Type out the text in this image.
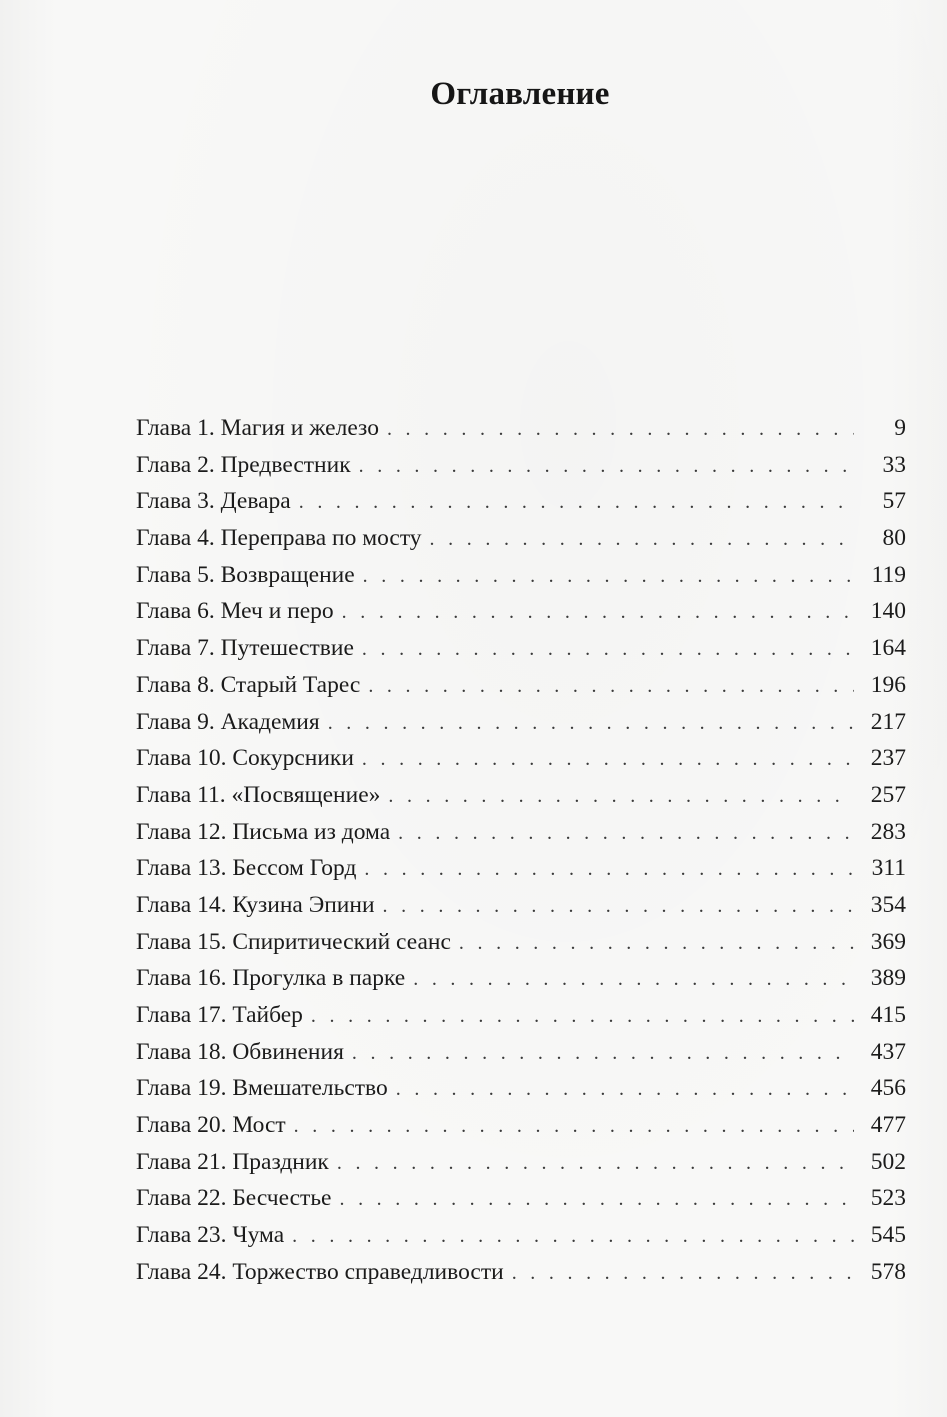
Оглавление
Глава 1. Магия и железо . . .	9
Глава 2. Предвестник . . .	33
Глава 3. Девара . . .	57
Глава 4. Переправа по мосту . . .	80
Глава 5. Возвращение . . .	119
Глава 6. Меч и перо . . .	140
Глава 7. Путешествие . . .	164
Глава 8. Старый Тарес . . .	196
Глава 9. Академия . . .	217
Глава 10. Сокурсники . . .	237
Глава 11. «Посвящение» . . .	257
Глава 12. Письма из дома . . .	283
Глава 13. Бессом Горд . . .	311
Глава 14. Кузина Эпини . . .	354
Глава 15. Спиритический сеанс . . .	369
Глава 16. Прогулка в парке . . .	389
Глава 17. Тайбер . . .	415
Глава 18. Обвинения . . .	437
Глава 19. Вмешательство . . .	456
Глава 20. Мост . . .	477
Глава 21. Праздник . . .	502
Глава 22. Бесчестье . . .	523
Глава 23. Чума . . .	545
Глава 24. Торжество справедливости . . .	578
